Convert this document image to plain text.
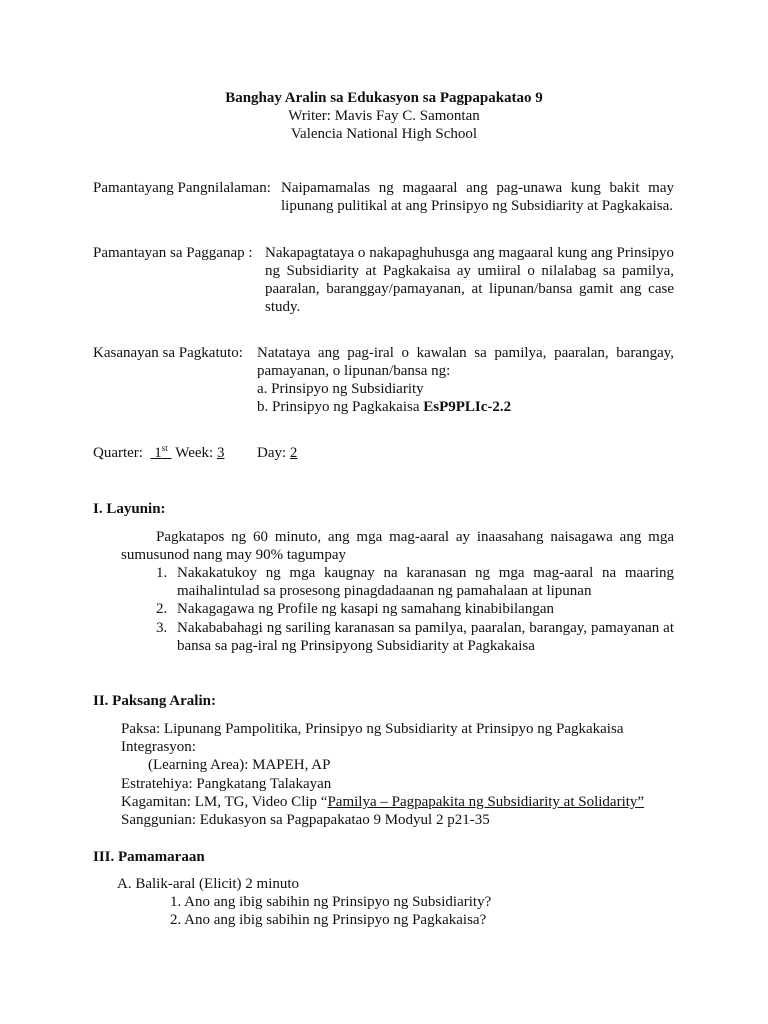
Banghay Aralin sa Edukasyon sa Pagpapakatao 9
Writer: Mavis Fay C. Samontan
Valencia National High School
Pamantayang Pangnilalaman: Naipamamalas ng magaaral ang pag-unawa kung bakit may lipunang pulitikal at ang Prinsipyo ng Subsidiarity at Pagkakaisa.
Pamantayan sa Pagganap : Nakapagtataya o nakapaghuhusga ang magaaral kung ang Prinsipyo ng Subsidiarity at Pagkakaisa ay umiiral o nilalabag sa pamilya, paaralan, baranggay/pamayanan, at lipunan/bansa gamit ang case study.
Kasanayan sa Pagkatuto: Natataya ang pag-iral o kawalan sa pamilya, paaralan, barangay, pamayanan, o lipunan/bansa ng:
a. Prinsipyo ng Subsidiarity
b. Prinsipyo ng Pagkakaisa EsP9PLIc-2.2
Quarter: 1st Week: 3 Day: 2
I. Layunin:
Pagkatapos ng 60 minuto, ang mga mag-aaral ay inaasahang naisagawa ang mga sumusunod nang may 90% tagumpay
1. Nakakatukoy ng mga kaugnay na karanasan ng mga mag-aaral na maaring maihalintulad sa prosesong pinagdadaanan ng pamahalaan at lipunan
2. Nakagagawa ng Profile ng kasapi ng samahang kinabibilangan
3. Nakababahagi ng sariling karanasan sa pamilya, paaralan, barangay, pamayanan at bansa sa pag-iral ng Prinsipyong Subsidiarity at Pagkakaisa
II. Paksang Aralin:
Paksa: Lipunang Pampolitika, Prinsipyo ng Subsidiarity at Prinsipyo ng Pagkakaisa
Integrasyon:
(Learning Area): MAPEH, AP
Estratehiya: Pangkatang Talakayan
Kagamitan: LM, TG, Video Clip “Pamilya – Pagpapakita ng Subsidiarity at Solidarity”
Sanggunian: Edukasyon sa Pagpapakatao 9 Modyul 2 p21-35
III. Pamamaraan
A. Balik-aral (Elicit) 2 minuto
1. Ano ang ibig sabihin ng Prinsipyo ng Subsidiarity?
2. Ano ang ibig sabihin ng Prinsipyo ng Pagkakaisa?
